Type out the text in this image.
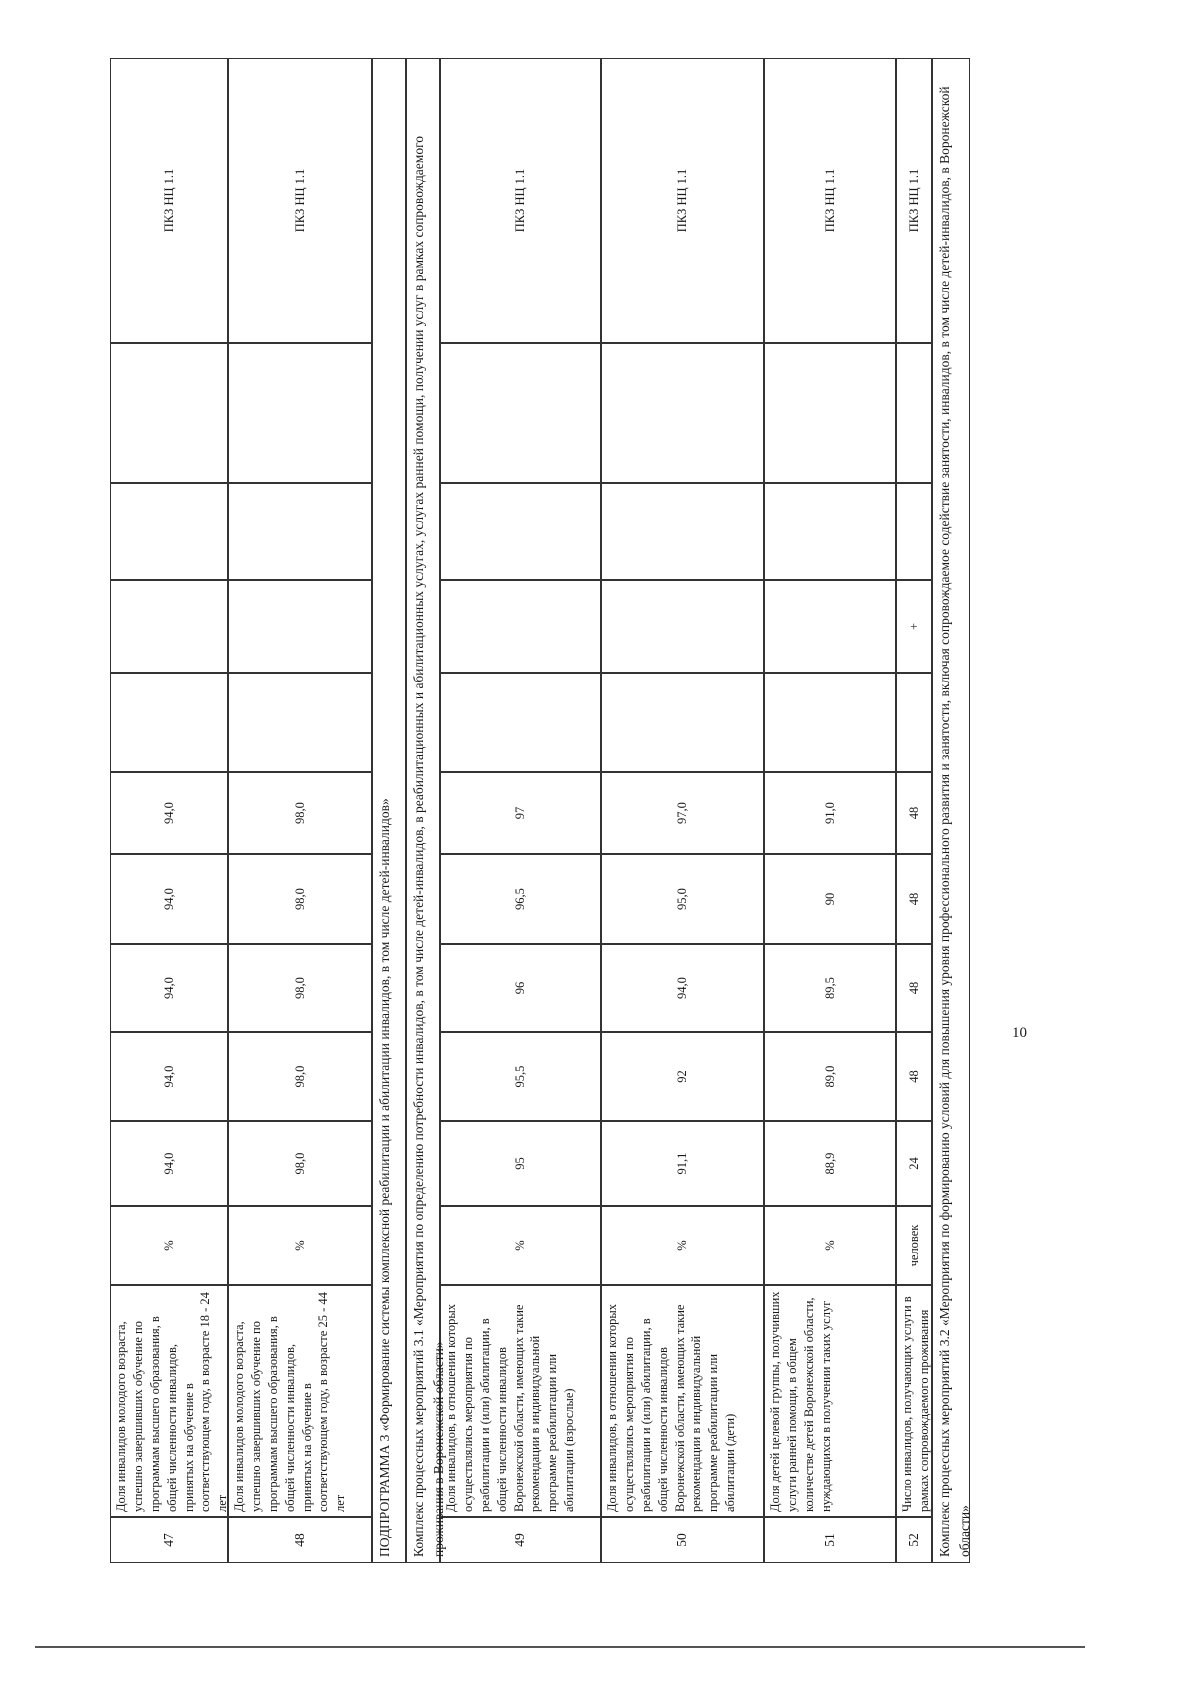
10
47
Доля инвалидов молодого возраста, успешно завершивших обучение по программам высшего образования, в общей численности инвалидов, принятых на обучение в соответствующем году, в возрасте 18 - 24 лет
%
94,0
94,0
94,0
94,0
94,0
ПКЗ НЦ 1.1
48
Доля инвалидов молодого возраста, успешно завершивших обучение по программам высшего образования, в общей численности инвалидов, принятых на обучение в соответствующем году, в возрасте 25 - 44 лет
%
98,0
98,0
98,0
98,0
98,0
ПКЗ НЦ 1.1
49
Доля инвалидов, в отношении которых осуществлялись мероприятия по реабилитации и (или) абилитации, в общей численности инвалидов Воронежской области, имеющих такие рекомендации в индивидуальной программе реабилитации или абилитации (взрослые)
%
95
95,5
96
96,5
97
ПКЗ НЦ 1.1
50
Доля инвалидов, в отношении которых осуществлялись мероприятия по реабилитации и (или) абилитации, в общей численности инвалидов Воронежской области, имеющих такие рекомендации в индивидуальной программе реабилитации или абилитации (дети)
%
91,1
92
94,0
95,0
97,0
ПКЗ НЦ 1.1
51
Доля детей целевой группы, получивших услуги ранней помощи, в общем количестве детей Воронежской области, нуждающихся в получении таких услуг
%
88,9
89,0
89,5
90
91,0
ПКЗ НЦ 1.1
52
Число инвалидов, получающих услуги в рамках сопровождаемого проживания
человек
24
48
48
48
48
+
ПКЗ НЦ 1.1
ПОДПРОГРАММА 3 «Формирование системы комплексной реабилитации и абилитации инвалидов, в том числе детей-инвалидов»	Комплекс процессных мероприятий 3.1 «Мероприятия по определению потребности инвалидов, в том числе детей-инвалидов, в реабилитационных и абилитационных услугах, услугах ранней помощи, получении услуг в рамках сопровождаемого проживания в Воронежской области»	Комплекс процессных мероприятий 3.2 «Мероприятия по формированию условий для повышения уровня профессионального развития и занятости, включая сопровождаемое содействие занятости, инвалидов, в том числе детей-инвалидов, в Воронежской области»
